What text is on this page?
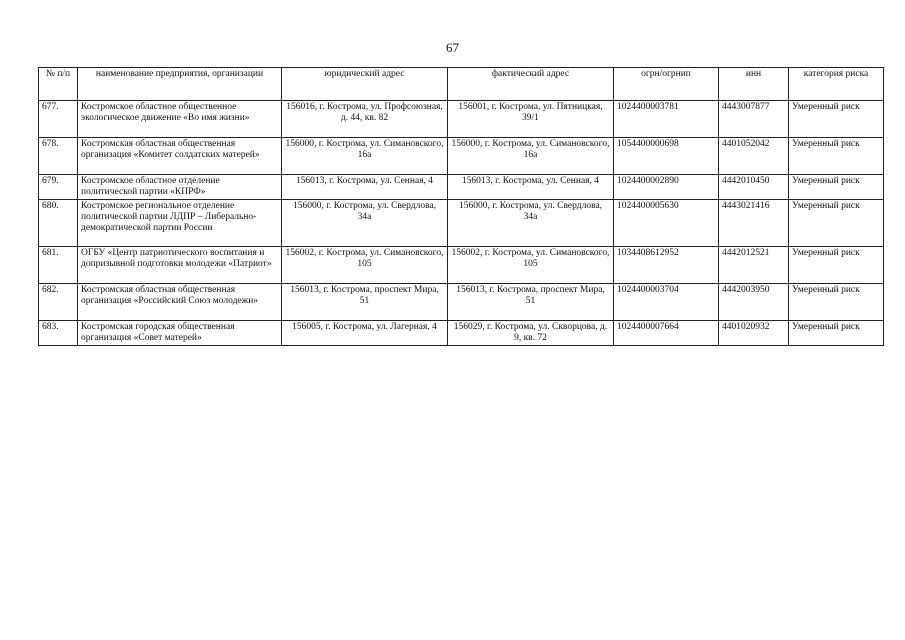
67
№ п/п	наименование предприятия, организации	юридический адрес	фактический адрес	огрн/огрнип	инн	категория риска
677.	Костромское областное общественное экологическое движение «Во имя жизни»	156016, г. Кострома, ул. Профсоюзная, д. 44, кв. 82	156001, г. Кострома, ул. Пятницкая, 39/1	1024400003781	4443007877	Умеренный риск
678.	Костромская областная общественная организация «Комитет солдатских матерей»	156000, г. Кострома, ул. Симановского, 16а	156000, г. Кострома, ул. Симановского, 16а	1054400000698	4401052042	Умеренный риск
679.	Костромское областное отделение политической партии «КПРФ»	156013, г. Кострома, ул. Сенная, 4	156013, г. Кострома, ул. Сенная, 4	1024400002890	4442010450	Умеренный риск
680.	Костромское региональное отделение политической партии ЛДПР – Либерально-демократической партии России	156000, г. Кострома, ул. Свердлова, 34а	156000, г. Кострома, ул. Свердлова, 34а	1024400005630	4443021416	Умеренный риск
681.	ОГБУ «Центр патриотического воспитания и допризывной подготовки молодежи «Патриот»	156002, г. Кострома, ул. Симановского, 105	156002, г. Кострома, ул. Симановского, 105	1034408612952	4442012521	Умеренный риск
682.	Костромская областная общественная организация «Российский Союз молодежи»	156013, г. Кострома, проспект Мира, 51	156013, г. Кострома, проспект Мира, 51	1024400003704	4442003950	Умеренный риск
683.	Костромская городская общественная организация «Совет матерей»	156005, г. Кострома, ул. Лагерная, 4	156029, г. Кострома, ул. Скворцова, д. 9, кв. 72	1024400007664	4401020932	Умеренный риск
